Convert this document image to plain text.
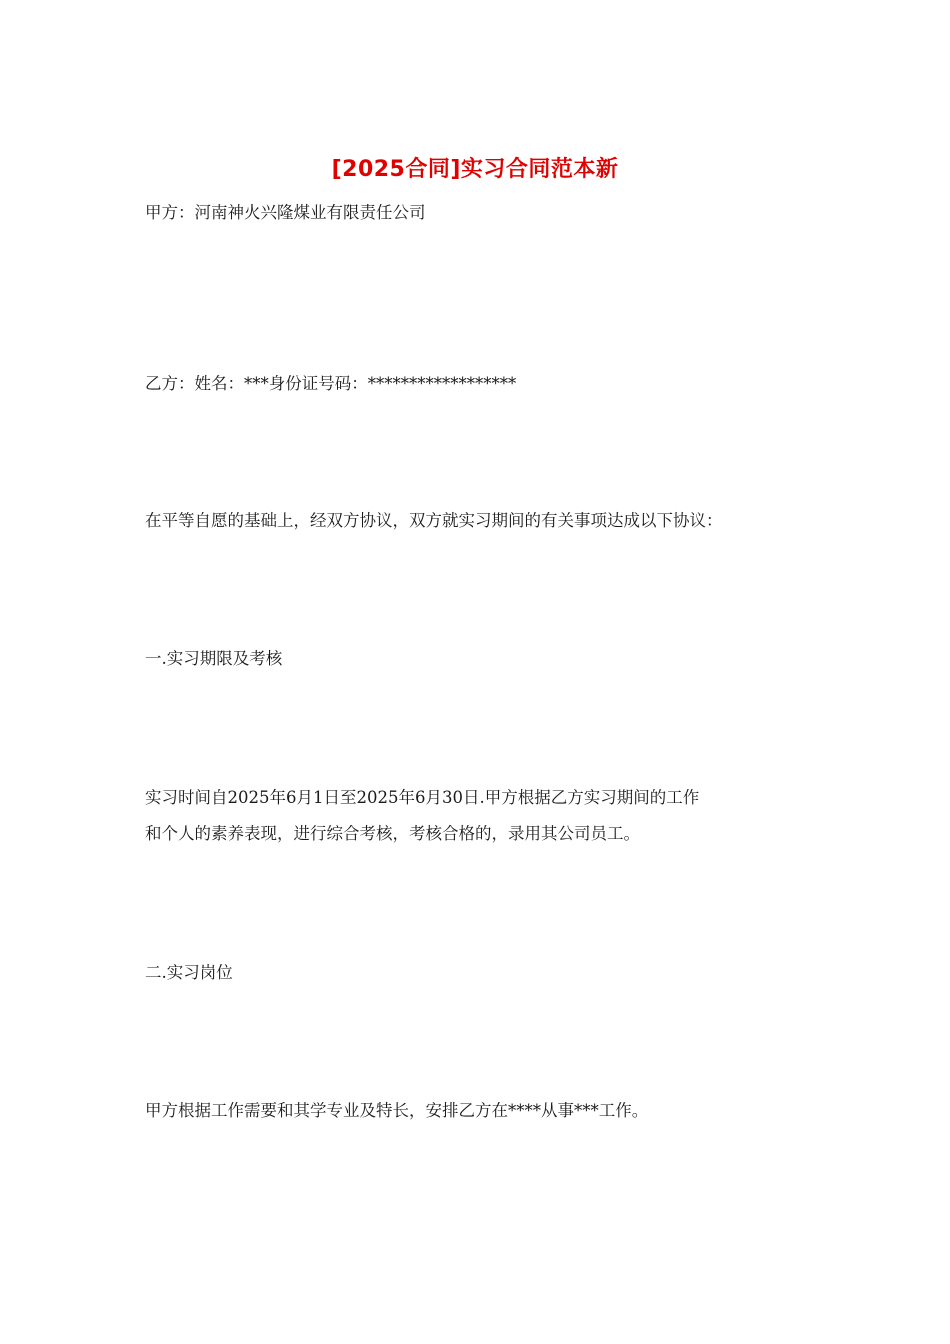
[2025合同]实习合同范本新
甲方：河南神火兴隆煤业有限责任公司
乙方：姓名：***身份证号码：******************
在平等自愿的基础上，经双方协议，双方就实习期间的有关事项达成以下协议：
一.实习期限及考核
实习时间自2025年6月1日至2025年6月30日.甲方根据乙方实习期间的工作
和个人的素养表现，进行综合考核，考核合格的，录用其公司员工。
二.实习岗位
甲方根据工作需要和其学专业及特长，安排乙方在****从事***工作。
